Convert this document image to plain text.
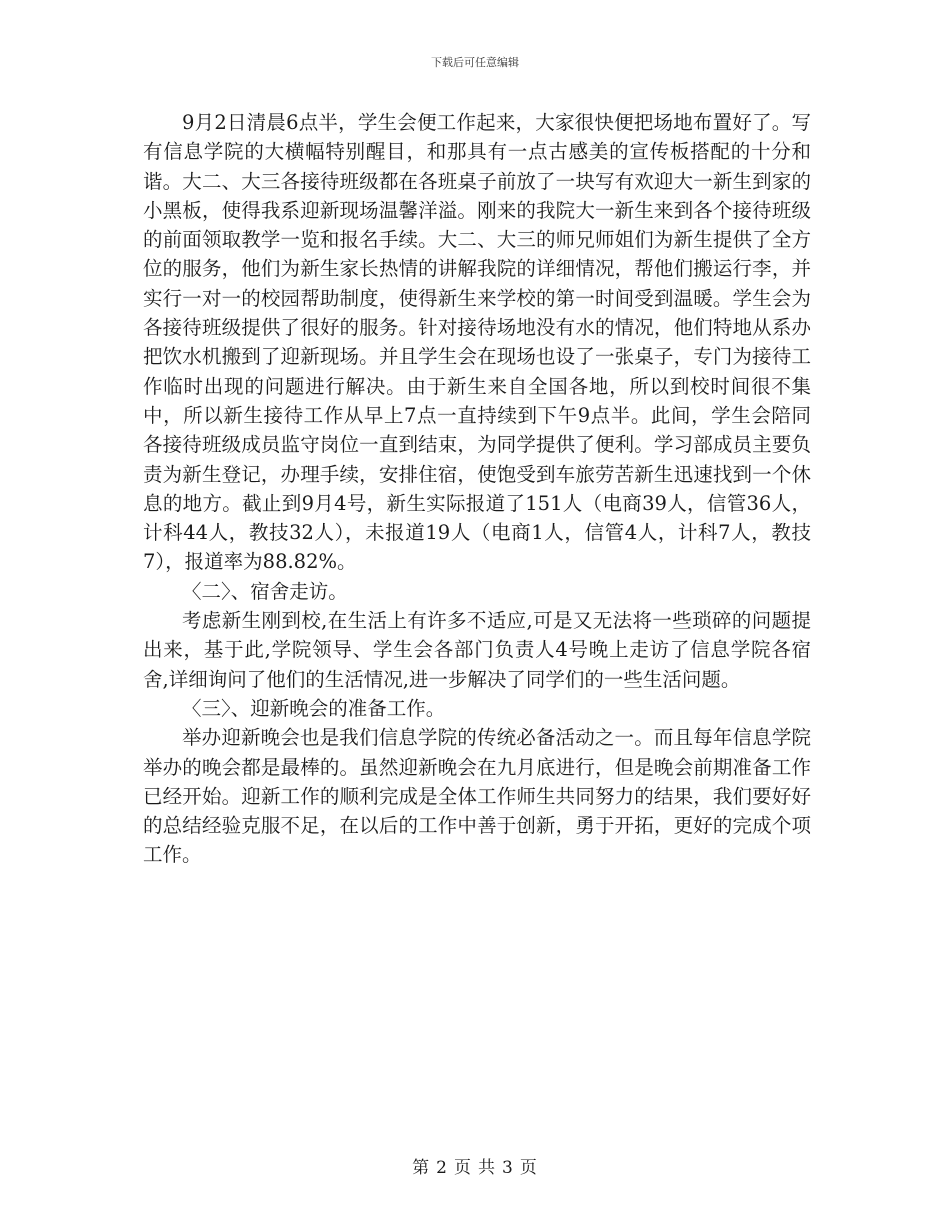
下载后可任意编辑

9月2日清晨6点半，学生会便工作起来，大家很快便把场地布置好了。写有信息学院的大横幅特别醒目，和那具有一点古感美的宣传板搭配的十分和谐。大二、大三各接待班级都在各班桌子前放了一块写有欢迎大一新生到家的小黑板，使得我系迎新现场温馨洋溢。刚来的我院大一新生来到各个接待班级的前面领取教学一览和报名手续。大二、大三的师兄师姐们为新生提供了全方位的服务，他们为新生家长热情的讲解我院的详细情况，帮他们搬运行李，并实行一对一的校园帮助制度，使得新生来学校的第一时间受到温暖。学生会为各接待班级提供了很好的服务。针对接待场地没有水的情况，他们特地从系办把饮水机搬到了迎新现场。并且学生会在现场也设了一张桌子，专门为接待工作临时出现的问题进行解决。由于新生来自全国各地，所以到校时间很不集中，所以新生接待工作从早上7点一直持续到下午9点半。此间，学生会陪同各接待班级成员监守岗位一直到结束，为同学提供了便利。学习部成员主要负责为新生登记，办理手续，安排住宿，使饱受到车旅劳苦新生迅速找到一个休息的地方。截止到9月4号，新生实际报道了151人（电商39人，信管36人，计科44人，教技32人），未报道19人（电商1人，信管4人，计科7人，教技7），报道率为88.82%。

〈二〉、宿舍走访。

考虑新生刚到校,在生活上有许多不适应,可是又无法将一些琐碎的问题提出来，基于此,学院领导、学生会各部门负责人4号晚上走访了信息学院各宿舍,详细询问了他们的生活情况,进一步解决了同学们的一些生活问题。

〈三〉、迎新晚会的准备工作。

举办迎新晚会也是我们信息学院的传统必备活动之一。而且每年信息学院举办的晚会都是最棒的。虽然迎新晚会在九月底进行，但是晚会前期准备工作已经开始。迎新工作的顺利完成是全体工作师生共同努力的结果，我们要好好的总结经验克服不足，在以后的工作中善于创新，勇于开拓，更好的完成个项工作。

第 2 页 共 3 页
